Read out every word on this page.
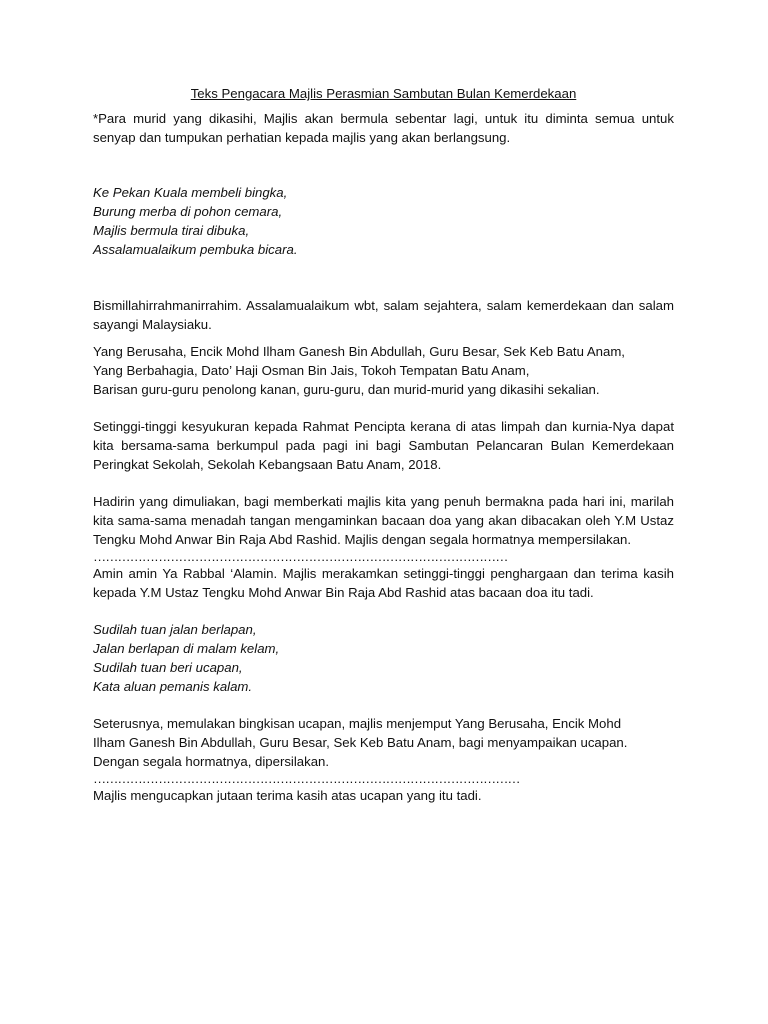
Teks Pengacara Majlis Perasmian Sambutan Bulan Kemerdekaan

*Para murid yang dikasihi, Majlis akan bermula sebentar lagi, untuk itu diminta semua untuk senyap dan tumpukan perhatian kepada majlis yang akan berlangsung.

Ke Pekan Kuala membeli bingka,
Burung merba di pohon cemara,
Majlis bermula tirai dibuka,
Assalamualaikum pembuka bicara.

Bismillahirrahmanirrahim. Assalamualaikum wbt, salam sejahtera, salam kemerdekaan dan salam sayangi Malaysiaku.

Yang Berusaha, Encik Mohd Ilham Ganesh Bin Abdullah, Guru Besar, Sek Keb Batu Anam,
Yang Berbahagia, Dato’ Haji Osman Bin Jais, Tokoh Tempatan Batu Anam,
Barisan guru-guru penolong kanan, guru-guru, dan murid-murid yang dikasihi sekalian.

Setinggi-tinggi kesyukuran kepada Rahmat Pencipta kerana di atas limpah dan kurnia-Nya dapat kita bersama-sama berkumpul pada pagi ini bagi Sambutan Pelancaran Bulan Kemerdekaan Peringkat Sekolah, Sekolah Kebangsaan Batu Anam, 2018.

Hadirin yang dimuliakan, bagi memberkati majlis kita yang penuh bermakna pada hari ini, marilah kita sama-sama menadah tangan mengaminkan bacaan doa yang akan dibacakan oleh Y.M Ustaz Tengku Mohd Anwar Bin Raja Abd Rashid. Majlis dengan segala hormatnya mempersilakan.

…………………………………………………………………………………………

Amin amin Ya Rabbal ‘Alamin. Majlis merakamkan setinggi-tinggi penghargaan dan terima kasih kepada Y.M Ustaz Tengku Mohd Anwar Bin Raja Abd Rashid atas bacaan doa itu tadi.

Sudilah tuan jalan berlapan,
Jalan berlapan di malam kelam,
Sudilah tuan beri ucapan,
Kata aluan pemanis kalam.
Seterusnya, memulakan bingkisan ucapan, majlis menjemput Yang Berusaha, Encik Mohd
Ilham Ganesh Bin Abdullah, Guru Besar, Sek Keb Batu Anam, bagi menyampaikan ucapan.
Dengan segala hormatnya, dipersilakan.
……………………………………………………………………………………………

Majlis mengucapkan jutaan terima kasih atas ucapan yang itu tadi.
